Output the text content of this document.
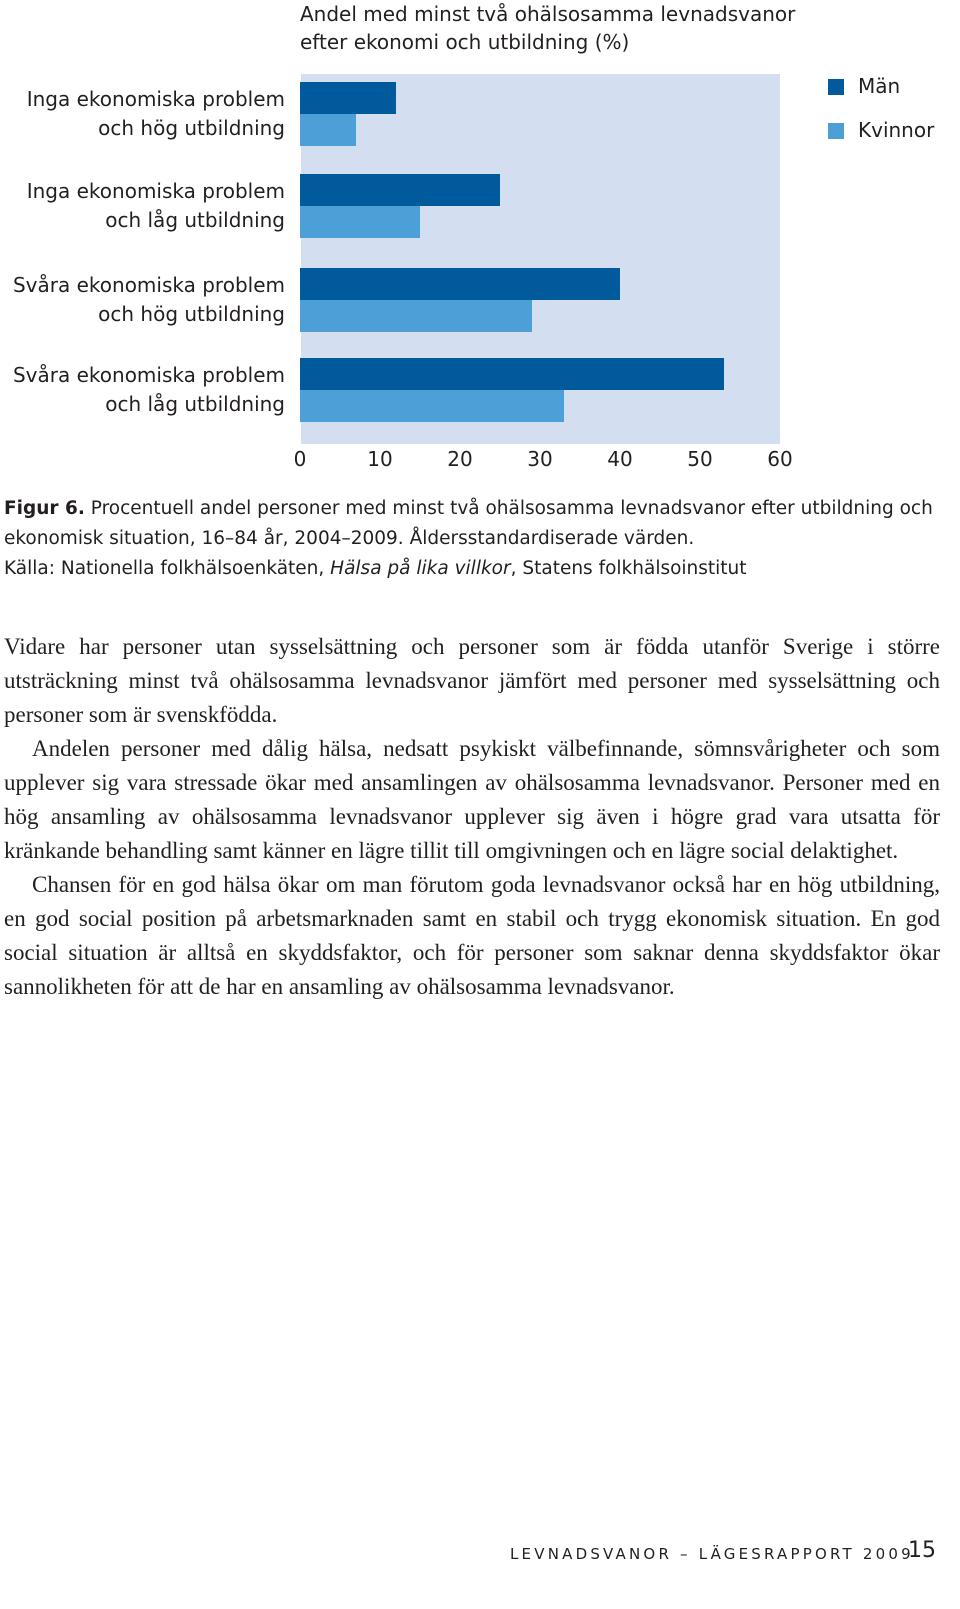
Andel med minst två ohälsosamma levnadsvanor
efter ekonomi och utbildning (%)
Inga ekonomiska problem
och hög utbildning
Inga ekonomiska problem
och låg utbildning
Svåra ekonomiska problem
och hög utbildning
Svåra ekonomiska problem
och låg utbildning
0	10	20	30	40	50	60
Män
Kvinnor
Figur 6. Procentuell andel personer med minst två ohälsosamma levnadsvanor efter utbildning och ekonomisk situation, 16–84 år, 2004–2009. Åldersstandardiserade värden.
Källa: Nationella folkhälsoenkäten, Hälsa på lika villkor, Statens folkhälsoinstitut

Vidare har personer utan sysselsättning och personer som är födda utanför Sverige i större utsträckning minst två ohälsosamma levnadsvanor jämfört med personer med sysselsättning och personer som är svenskfödda.

Andelen personer med dålig hälsa, nedsatt psykiskt välbefinnande, sömnsvårigheter och som upplever sig vara stressade ökar med ansamlingen av ohälsosamma levnadsvanor. Personer med en hög ansamling av ohälsosamma levnadsvanor upplever sig även i högre grad vara utsatta för kränkande behandling samt känner en lägre tillit till omgivningen och en lägre social delaktighet.

Chansen för en god hälsa ökar om man förutom goda levnadsvanor också har en hög utbildning, en god social position på arbetsmarknaden samt en stabil och trygg ekonomisk situation. En god social situation är alltså en skyddsfaktor, och för personer som saknar denna skyddsfaktor ökar sannolikheten för att de har en ansamling av ohälsosamma levnadsvanor.

LEVNADSVANOR – LÄGESRAPPORT 2009
15
